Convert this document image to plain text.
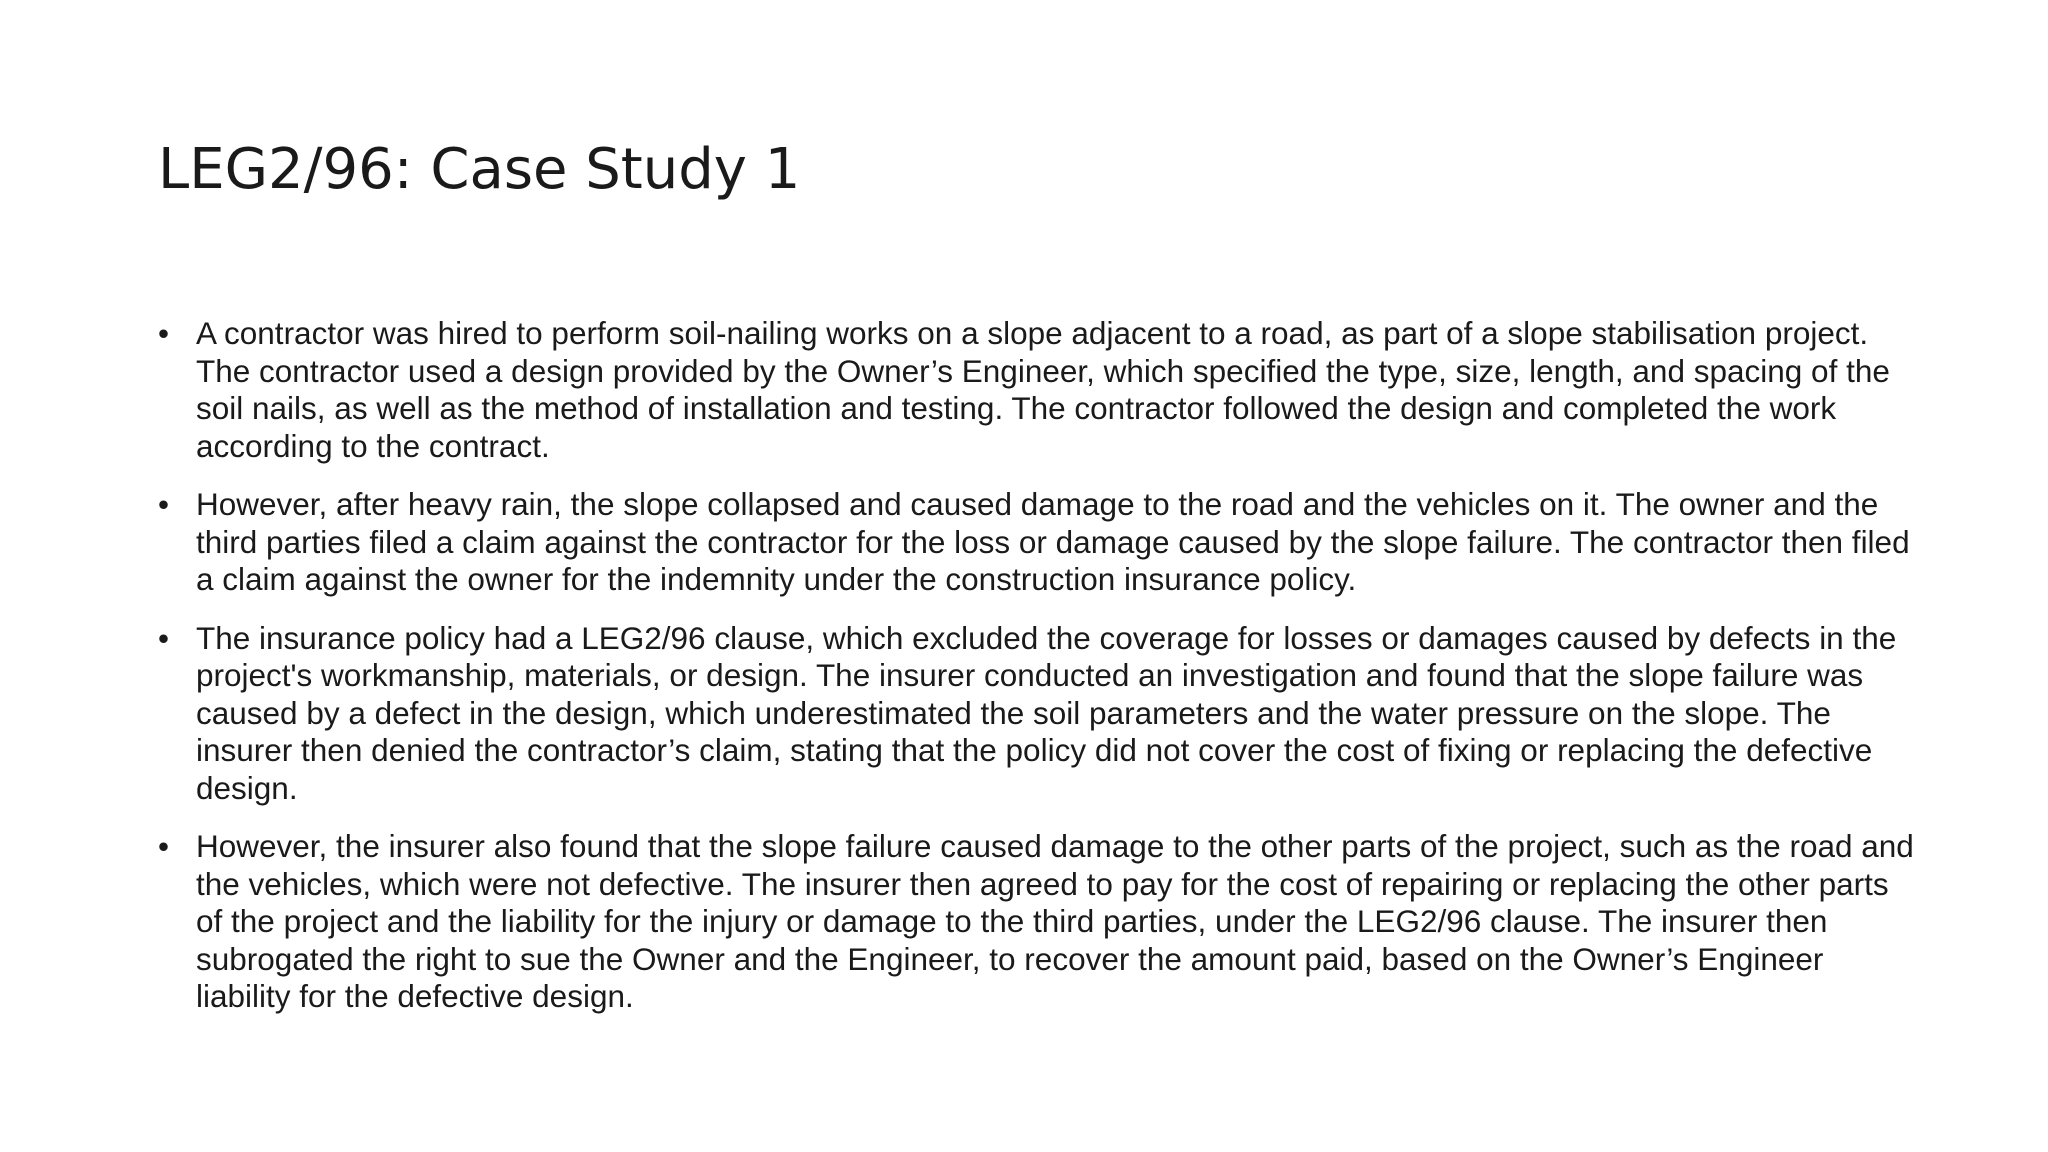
LEG2/96: Case Study 1
• A contractor was hired to perform soil-nailing works on a slope adjacent to a road, as part of a slope stabilisation project. The contractor used a design provided by the Owner’s Engineer, which specified the type, size, length, and spacing of the soil nails, as well as the method of installation and testing. The contractor followed the design and completed the work according to the contract.
• However, after heavy rain, the slope collapsed and caused damage to the road and the vehicles on it. The owner and the third parties filed a claim against the contractor for the loss or damage caused by the slope failure. The contractor then filed a claim against the owner for the indemnity under the construction insurance policy.
• The insurance policy had a LEG2/96 clause, which excluded the coverage for losses or damages caused by defects in the project's workmanship, materials, or design. The insurer conducted an investigation and found that the slope failure was caused by a defect in the design, which underestimated the soil parameters and the water pressure on the slope. The insurer then denied the contractor’s claim, stating that the policy did not cover the cost of fixing or replacing the defective design.
• However, the insurer also found that the slope failure caused damage to the other parts of the project, such as the road and the vehicles, which were not defective. The insurer then agreed to pay for the cost of repairing or replacing the other parts of the project and the liability for the injury or damage to the third parties, under the LEG2/96 clause. The insurer then subrogated the right to sue the Owner and the Engineer, to recover the amount paid, based on the Owner’s Engineer liability for the defective design.
